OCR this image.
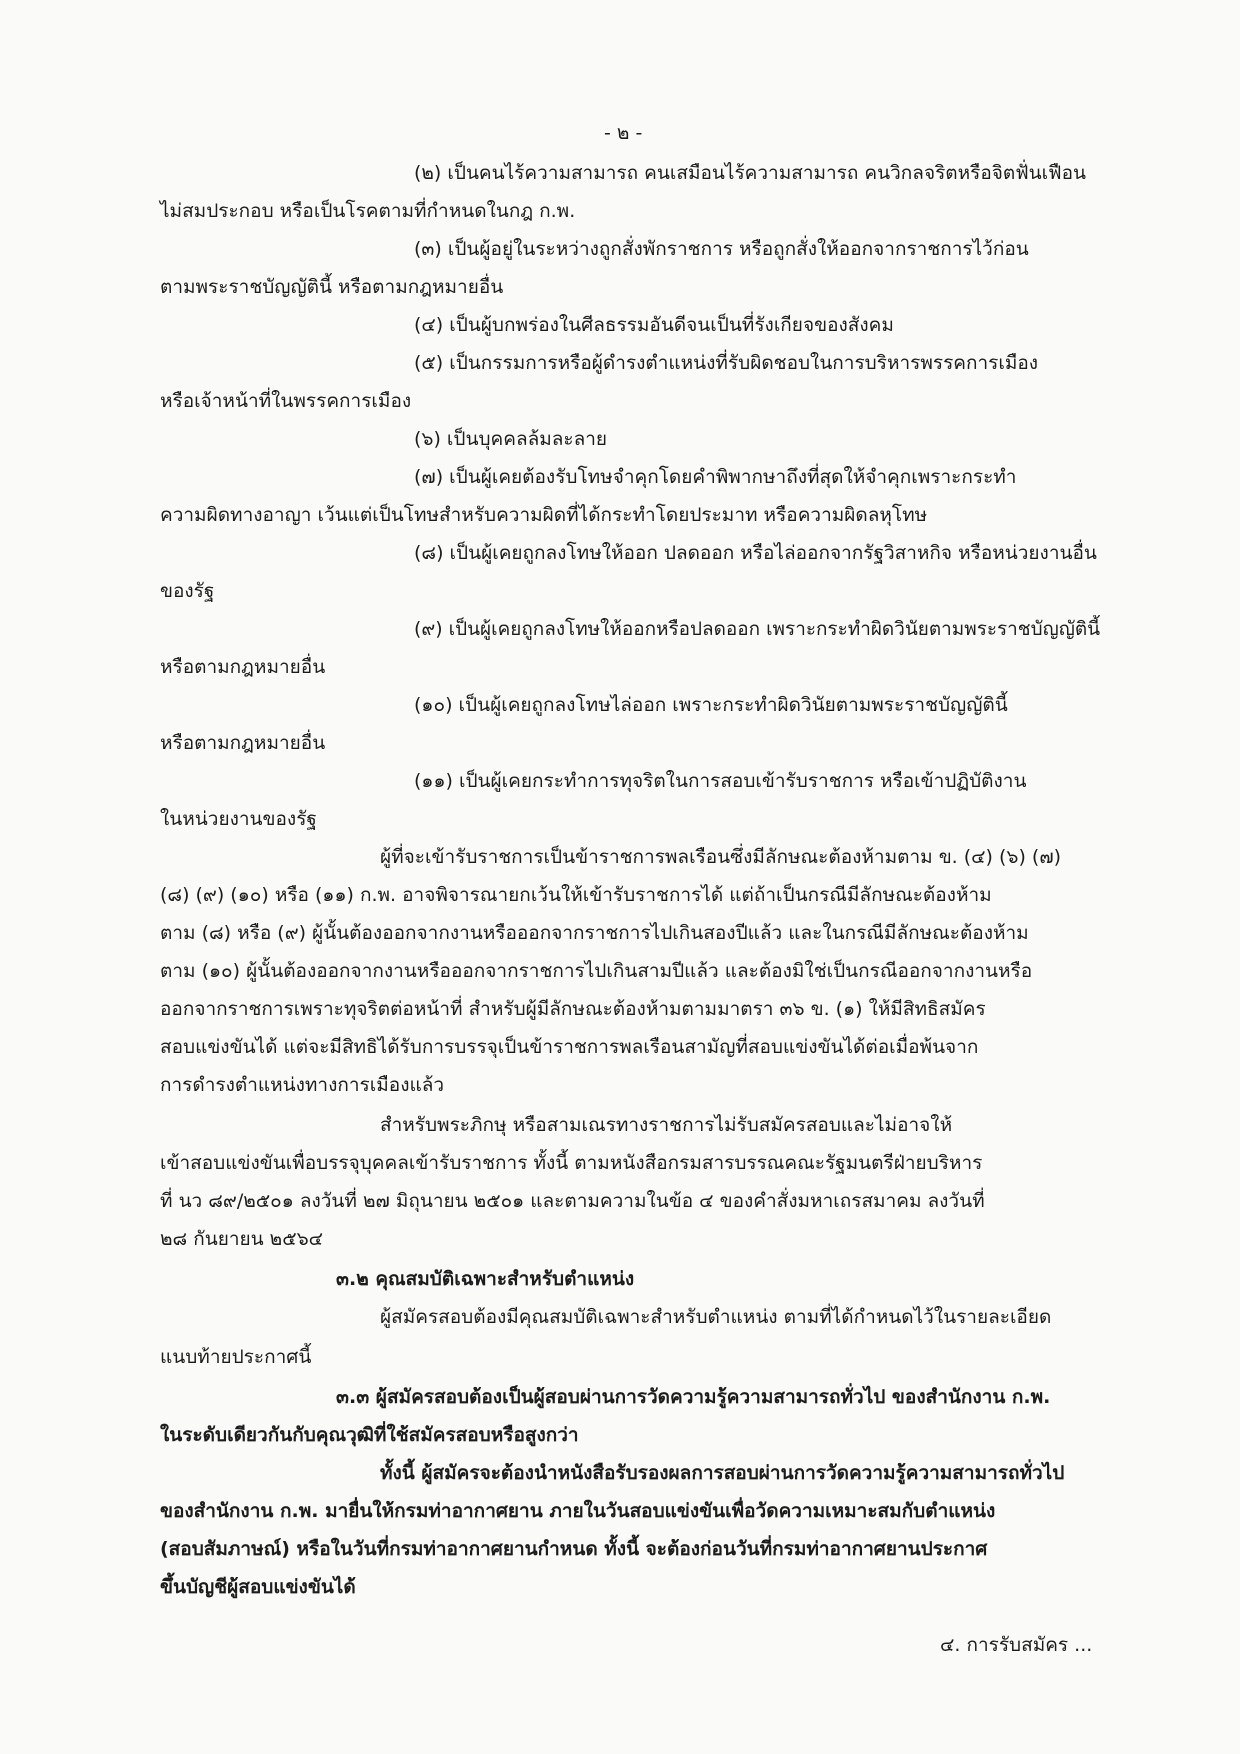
- ๒ -
(๒) เป็นคนไร้ความสามารถ คนเสมือนไร้ความสามารถ คนวิกลจริตหรือจิตฟั่นเฟือน
ไม่สมประกอบ หรือเป็นโรคตามที่กำหนดในกฎ ก.พ.
(๓) เป็นผู้อยู่ในระหว่างถูกสั่งพักราชการ หรือถูกสั่งให้ออกจากราชการไว้ก่อน
ตามพระราชบัญญัตินี้ หรือตามกฎหมายอื่น
(๔) เป็นผู้บกพร่องในศีลธรรมอันดีจนเป็นที่รังเกียจของสังคม
(๕) เป็นกรรมการหรือผู้ดำรงตำแหน่งที่รับผิดชอบในการบริหารพรรคการเมือง
หรือเจ้าหน้าที่ในพรรคการเมือง
(๖) เป็นบุคคลล้มละลาย
(๗) เป็นผู้เคยต้องรับโทษจำคุกโดยคำพิพากษาถึงที่สุดให้จำคุกเพราะกระทำ
ความผิดทางอาญา เว้นแต่เป็นโทษสำหรับความผิดที่ได้กระทำโดยประมาท หรือความผิดลหุโทษ
(๘) เป็นผู้เคยถูกลงโทษให้ออก ปลดออก หรือไล่ออกจากรัฐวิสาหกิจ หรือหน่วยงานอื่น
ของรัฐ
(๙) เป็นผู้เคยถูกลงโทษให้ออกหรือปลดออก เพราะกระทำผิดวินัยตามพระราชบัญญัตินี้
หรือตามกฎหมายอื่น
(๑๐) เป็นผู้เคยถูกลงโทษไล่ออก เพราะกระทำผิดวินัยตามพระราชบัญญัตินี้
หรือตามกฎหมายอื่น
(๑๑) เป็นผู้เคยกระทำการทุจริตในการสอบเข้ารับราชการ หรือเข้าปฏิบัติงาน
ในหน่วยงานของรัฐ
ผู้ที่จะเข้ารับราชการเป็นข้าราชการพลเรือนซึ่งมีลักษณะต้องห้ามตาม ข. (๔) (๖) (๗)
(๘) (๙) (๑๐) หรือ (๑๑) ก.พ. อาจพิจารณายกเว้นให้เข้ารับราชการได้ แต่ถ้าเป็นกรณีมีลักษณะต้องห้าม
ตาม (๘) หรือ (๙) ผู้นั้นต้องออกจากงานหรือออกจากราชการไปเกินสองปีแล้ว และในกรณีมีลักษณะต้องห้าม
ตาม (๑๐) ผู้นั้นต้องออกจากงานหรือออกจากราชการไปเกินสามปีแล้ว และต้องมิใช่เป็นกรณีออกจากงานหรือ
ออกจากราชการเพราะทุจริตต่อหน้าที่ สำหรับผู้มีลักษณะต้องห้ามตามมาตรา ๓๖ ข. (๑) ให้มีสิทธิสมัคร
สอบแข่งขันได้ แต่จะมีสิทธิได้รับการบรรจุเป็นข้าราชการพลเรือนสามัญที่สอบแข่งขันได้ต่อเมื่อพ้นจาก
การดำรงตำแหน่งทางการเมืองแล้ว
สำหรับพระภิกษุ หรือสามเณรทางราชการไม่รับสมัครสอบและไม่อาจให้
เข้าสอบแข่งขันเพื่อบรรจุบุคคลเข้ารับราชการ ทั้งนี้ ตามหนังสือกรมสารบรรณคณะรัฐมนตรีฝ่ายบริหาร
ที่ นว ๘๙/๒๕๐๑ ลงวันที่ ๒๗ มิถุนายน ๒๕๐๑ และตามความในข้อ ๔ ของคำสั่งมหาเถรสมาคม ลงวันที่
๒๘ กันยายน ๒๕๖๔
๓.๒ คุณสมบัติเฉพาะสำหรับตำแหน่ง
ผู้สมัครสอบต้องมีคุณสมบัติเฉพาะสำหรับตำแหน่ง ตามที่ได้กำหนดไว้ในรายละเอียด
แนบท้ายประกาศนี้
๓.๓ ผู้สมัครสอบต้องเป็นผู้สอบผ่านการวัดความรู้ความสามารถทั่วไป ของสำนักงาน ก.พ.
ในระดับเดียวกันกับคุณวุฒิที่ใช้สมัครสอบหรือสูงกว่า
ทั้งนี้ ผู้สมัครจะต้องนำหนังสือรับรองผลการสอบผ่านการวัดความรู้ความสามารถทั่วไป
ของสำนักงาน ก.พ. มายื่นให้กรมท่าอากาศยาน ภายในวันสอบแข่งขันเพื่อวัดความเหมาะสมกับตำแหน่ง
(สอบสัมภาษณ์) หรือในวันที่กรมท่าอากาศยานกำหนด ทั้งนี้ จะต้องก่อนวันที่กรมท่าอากาศยานประกาศ
ขึ้นบัญชีผู้สอบแข่งขันได้
๔. การรับสมัคร ...
